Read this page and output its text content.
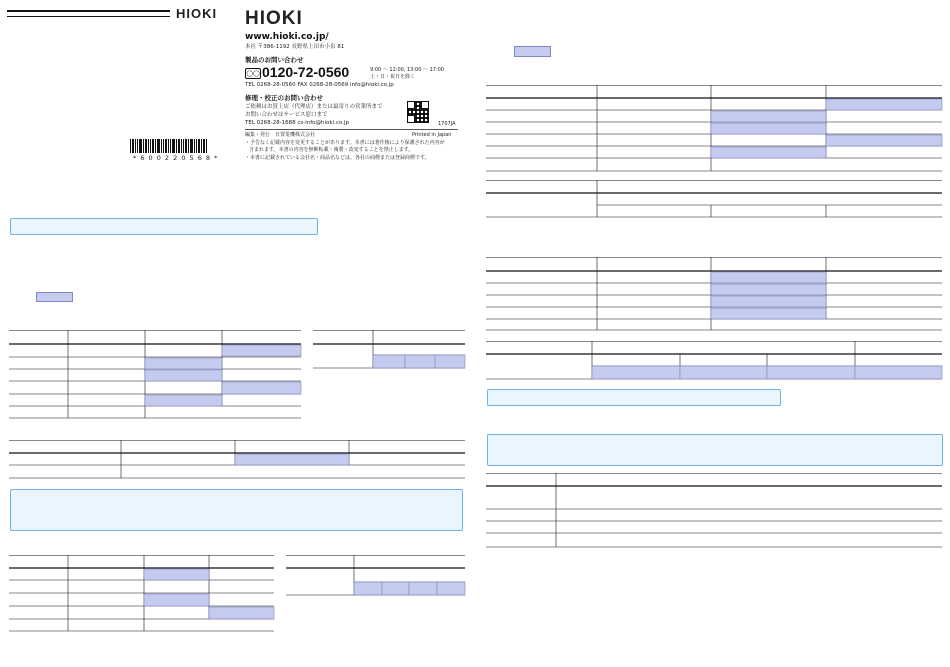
HIOKI
* 6 0 0 2 2 0 5 6 8 *
HIOKI
www.hioki.co.jp/
本社 〒386-1192 長野県上田市小泉 81
製品のお問い合わせ
◯◯ 0120-72-0560	9:00 〜 12:00, 13:00 〜 17:00
土・日・祝日を除く
TEL 0268-28-0560 FAX 0268-28-0569 info@hioki.co.jp
修理・校正のお問い合わせ
ご依頼はお買上店（代理店）または最寄りの営業所まで
お問い合わせはサービス窓口まで
TEL 0268-28-1688 cs-info@hioki.co.jp	1707JA
編集・発行　日置電機株式会社	Printed in Japan
・予告なく記載内容を変更することがあります。本書には著作権により保護された内容が
含まれます。本書の内容を無断転載・複製・改変することを禁止します。
・本書に記載されている会社名・商品名などは、各社の商標または登録商標です。
